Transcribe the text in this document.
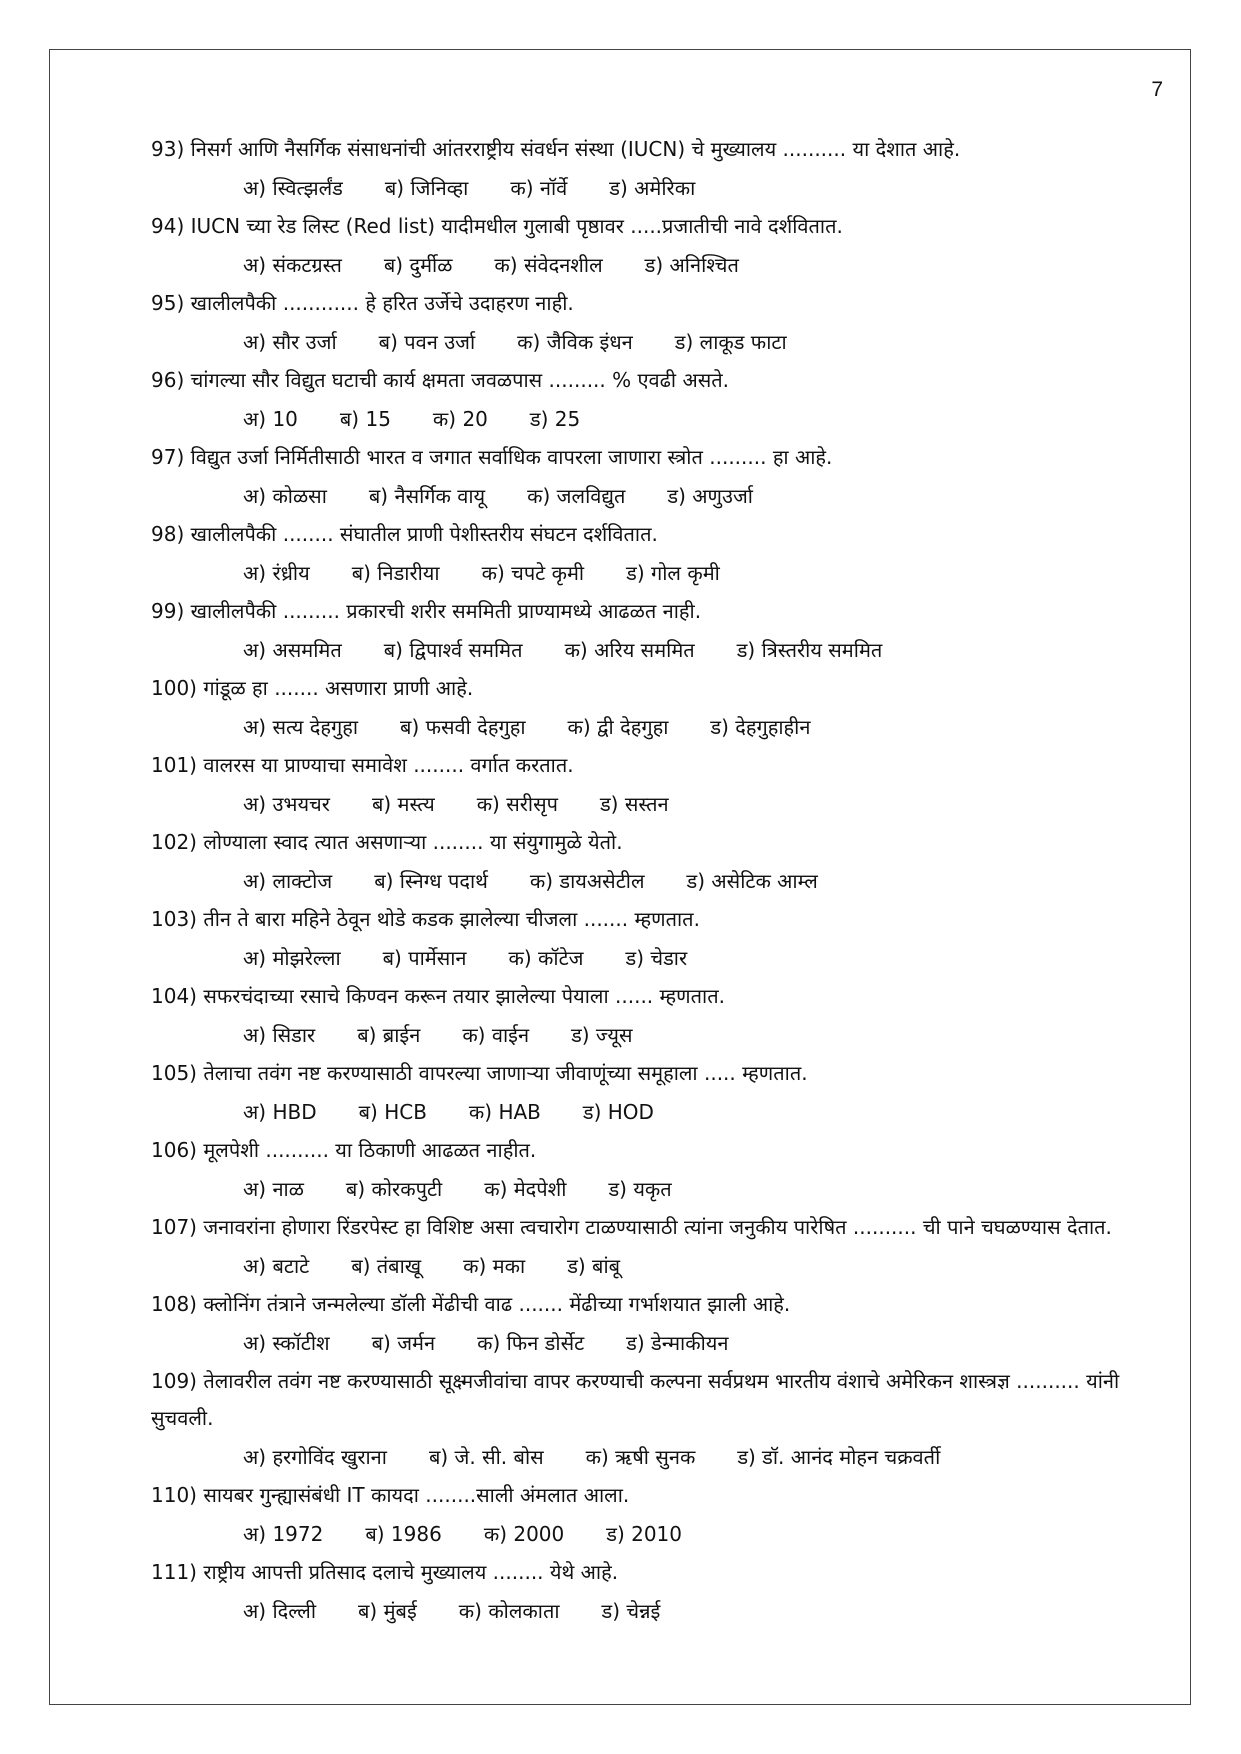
7

93) निसर्ग आणि नैसर्गिक संसाधनांची आंतरराष्ट्रीय संवर्धन संस्था (IUCN) चे मुख्यालय .......... या देशात आहे.

अ) स्वित्झर्लंड ब) जिनिव्हा क) नॉर्वे ड) अमेरिका

94) IUCN च्या रेड लिस्ट (Red list) यादीमधील गुलाबी पृष्ठावर .....प्रजातीची नावे दर्शवितात.

अ) संकटग्रस्त ब) दुर्मीळ क) संवेदनशील ड) अनिश्चित

95) खालीलपैकी ............ हे हरित उर्जेचे उदाहरण नाही.

अ) सौर उर्जा ब) पवन उर्जा क) जैविक इंधन ड) लाकूड फाटा

96) चांगल्या सौर विद्युत घटाची कार्य क्षमता जवळपास ......... % एवढी असते.

अ) 10 ब) 15 क) 20 ड) 25

97) विद्युत उर्जा निर्मितीसाठी भारत व जगात सर्वाधिक वापरला जाणारा स्त्रोत ......... हा आहे.

अ) कोळसा ब) नैसर्गिक वायू क) जलविद्युत ड) अणुउर्जा

98) खालीलपैकी ........ संघातील प्राणी पेशीस्तरीय संघटन दर्शवितात.

अ) रंध्रीय ब) निडारीया क) चपटे कृमी ड) गोल कृमी

99) खालीलपैकी ......... प्रकारची शरीर सममिती प्राण्यामध्ये आढळत नाही.

अ) असममित ब) द्विपार्श्व सममित क) अरिय सममित ड) त्रिस्तरीय सममित

100) गांडूळ हा ....... असणारा प्राणी आहे.

अ) सत्य देहगुहा ब) फसवी देहगुहा क) द्वी देहगुहा ड) देहगुहाहीन

101) वालरस या प्राण्याचा समावेश ........ वर्गात करतात.

अ) उभयचर ब) मस्त्य क) सरीसृप ड) सस्तन

102) लोण्याला स्वाद त्यात असणाऱ्या ........ या संयुगामुळे येतो.

अ) लाक्टोज ब) स्निग्ध पदार्थ क) डायअसेटील ड) असेटिक आम्ल

103) तीन ते बारा महिने ठेवून थोडे कडक झालेल्या चीजला ....... म्हणतात.

अ) मोझरेल्ला ब) पार्मेसान क) कॉटेज ड) चेडार

104) सफरचंदाच्या रसाचे किण्वन करून तयार झालेल्या पेयाला ...... म्हणतात.

अ) सिडार ब) ब्राईन क) वाईन ड) ज्यूस

105) तेलाचा तवंग नष्ट करण्यासाठी वापरल्या जाणाऱ्या जीवाणूंच्या समूहाला ..... म्हणतात.

अ) HBD ब) HCB क) HAB ड) HOD

106) मूलपेशी .......... या ठिकाणी आढळत नाहीत.

अ) नाळ ब) कोरकपुटी क) मेदपेशी ड) यकृत

107) जनावरांना होणारा रिंडरपेस्ट हा विशिष्ट असा त्वचारोग टाळण्यासाठी त्यांना जनुकीय पारेषित .......... ची पाने चघळण्यास देतात.

अ) बटाटे ब) तंबाखू क) मका ड) बांबू

108) क्लोनिंग तंत्राने जन्मलेल्या डॉली मेंढीची वाढ ....... मेंढीच्या गर्भाशयात झाली आहे.

अ) स्कॉटीश ब) जर्मन क) फिन डोर्सेट ड) डेन्माकीयन

109) तेलावरील तवंग नष्ट करण्यासाठी सूक्ष्मजीवांचा वापर करण्याची कल्पना सर्वप्रथम भारतीय वंशाचे अमेरिकन शास्त्रज्ञ .......... यांनी सुचवली.

अ) हरगोविंद खुराना ब) जे. सी. बोस क) ऋषी सुनक ड) डॉ. आनंद मोहन चक्रवर्ती

110) सायबर गुन्ह्यासंबंधी IT कायदा ........साली अंमलात आला.

अ) 1972 ब) 1986 क) 2000 ड) 2010

111) राष्ट्रीय आपत्ती प्रतिसाद दलाचे मुख्यालय ........ येथे आहे.

अ) दिल्ली ब) मुंबई क) कोलकाता ड) चेन्नई
